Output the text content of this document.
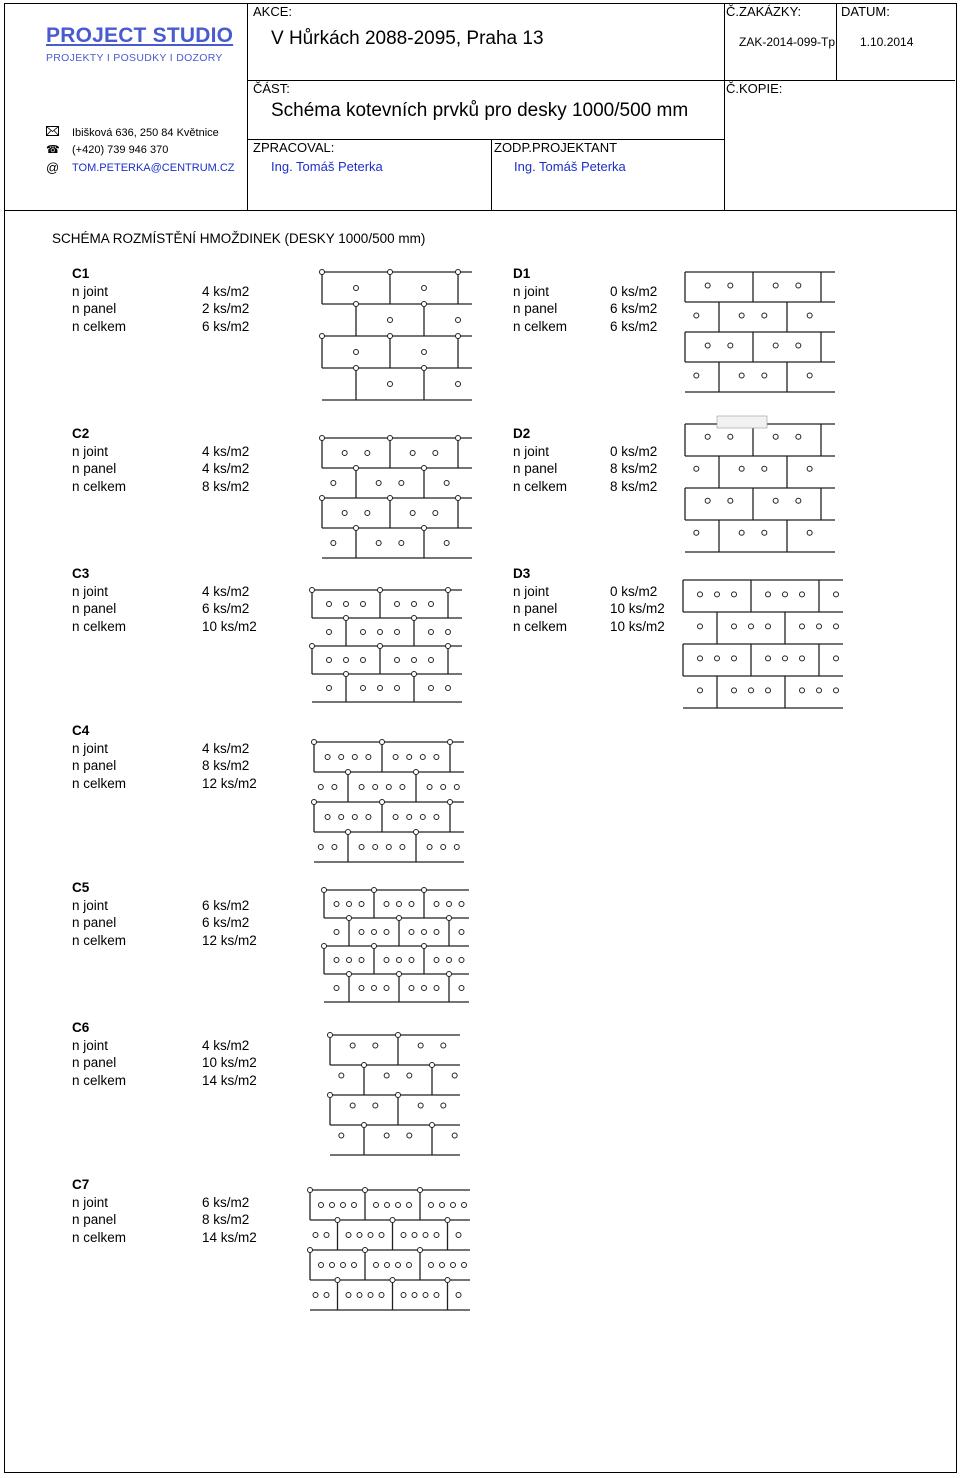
PROJECT STUDIO
PROJEKTY I POSUDKY I DOZORY
Ibišková 636, 250 84 Květnice
☎ (+420) 739 946 370
@ TOM.PETERKA@CENTRUM.CZ
AKCE:
V Hůrkách 2088-2095, Praha 13
Č.ZAKÁZKY:
ZAK-2014-099-Tp
DATUM:
1.10.2014
ČÁST:
Schéma kotevních prvků pro desky 1000/500 mm
Č.KOPIE:
ZPRACOVAL:
Ing. Tomáš Peterka
ZODP.PROJEKTANT
Ing. Tomáš Peterka
SCHÉMA ROZMÍSTĚNÍ HMOŽDINEK (DESKY 1000/500 mm)
C1
n joint	4 ks/m2
n panel	2 ks/m2
n celkem	6 ks/m2
C2
n joint	4 ks/m2
n panel	4 ks/m2
n celkem	8 ks/m2
C3
n joint	4 ks/m2
n panel	6 ks/m2
n celkem	10 ks/m2
C4
n joint	4 ks/m2
n panel	8 ks/m2
n celkem	12 ks/m2
C5
n joint	6 ks/m2
n panel	6 ks/m2
n celkem	12 ks/m2
C6
n joint	4 ks/m2
n panel	10 ks/m2
n celkem	14 ks/m2
C7
n joint	6 ks/m2
n panel	8 ks/m2
n celkem	14 ks/m2
D1
n joint	0 ks/m2
n panel	6 ks/m2
n celkem	6 ks/m2
D2
n joint	0 ks/m2
n panel	8 ks/m2
n celkem	8 ks/m2
D3
n joint	0 ks/m2
n panel	10 ks/m2
n celkem	10 ks/m2
